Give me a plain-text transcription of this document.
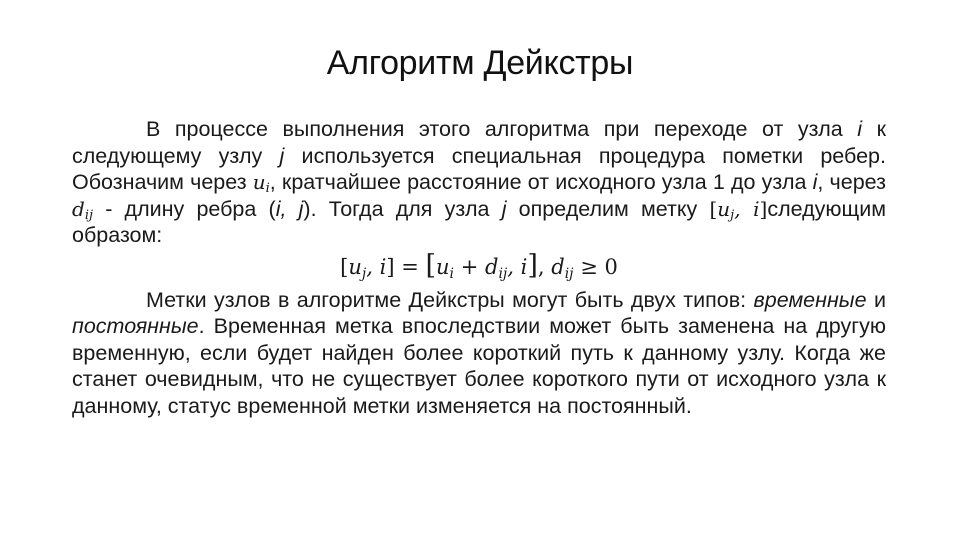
Алгоритм Дейкстры

В процессе выполнения этого алгоритма при переходе от узла i к следующему узлу j используется специальная процедура пометки ребер. Обозначим через $u_i$, кратчайшее расстояние от исходного узла 1 до узла i, через $d_{ij}$ - длину ребра (i, j). Тогда для узла j определим метку [$u_j$, i]следующим образом:

[$u_j$, $i] = [u_i + d_{ij}$, i], $d_{ij} \ge 0$

Метки узлов в алгоритме Дейкстры могут быть двух типов: временные и постоянные. Временная метка впоследствии может быть заменена на другую временную, если будет найден более короткий путь к данному узлу. Когда же станет очевидным, что не существует более короткого пути от исходного узла к данному, статус временной метки изменяется на постоянный.
